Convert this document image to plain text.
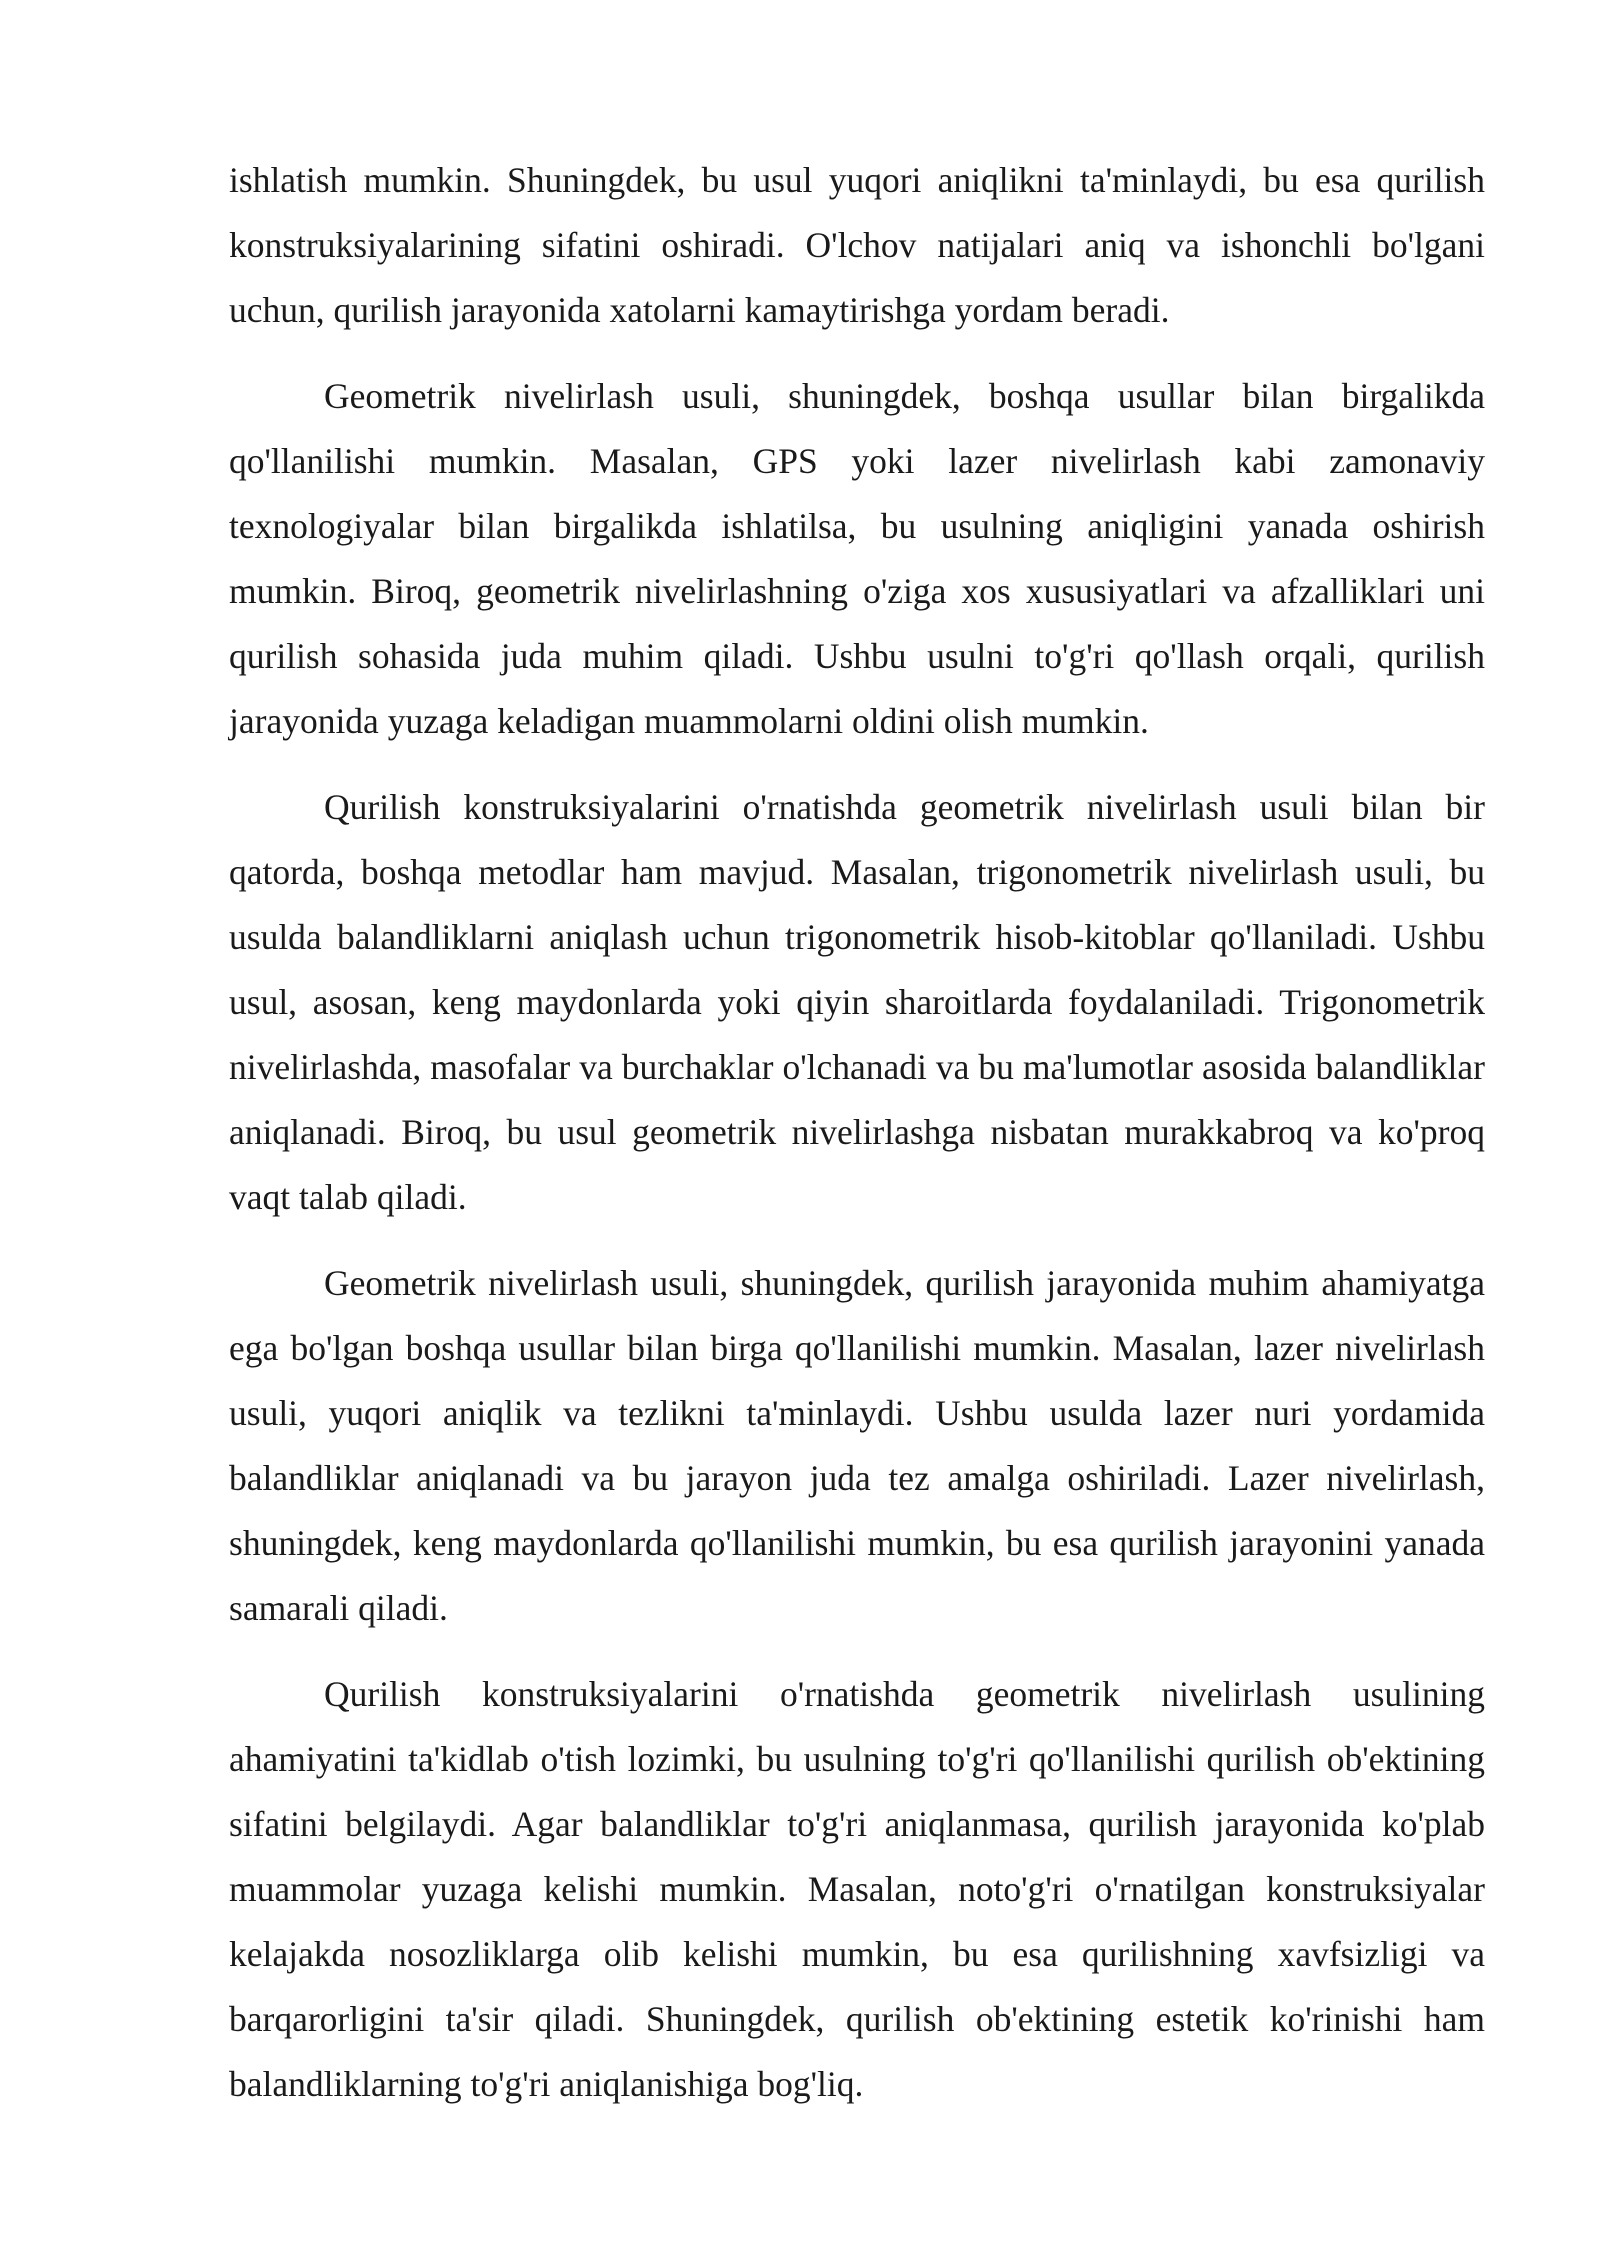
ishlatish mumkin. Shuningdek, bu usul yuqori aniqlikni ta'minlaydi, bu esa qurilish konstruksiyalarining sifatini oshiradi. O'lchov natijalari aniq va ishonchli bo'lgani uchun, qurilish jarayonida xatolarni kamaytirishga yordam beradi.

Geometrik nivelirlash usuli, shuningdek, boshqa usullar bilan birgalikda qo'llanilishi mumkin. Masalan, GPS yoki lazer nivelirlash kabi zamonaviy texnologiyalar bilan birgalikda ishlatilsa, bu usulning aniqligini yanada oshirish mumkin. Biroq, geometrik nivelirlashning o'ziga xos xususiyatlari va afzalliklari uni qurilish sohasida juda muhim qiladi. Ushbu usulni to'g'ri qo'llash orqali, qurilish jarayonida yuzaga keladigan muammolarni oldini olish mumkin.

Qurilish konstruksiyalarini o'rnatishda geometrik nivelirlash usuli bilan bir qatorda, boshqa metodlar ham mavjud. Masalan, trigonometrik nivelirlash usuli, bu usulda balandliklarni aniqlash uchun trigonometrik hisob-kitoblar qo'llaniladi. Ushbu usul, asosan, keng maydonlarda yoki qiyin sharoitlarda foydalaniladi. Trigonometrik nivelirlashda, masofalar va burchaklar o'lchanadi va bu ma'lumotlar asosida balandliklar aniqlanadi. Biroq, bu usul geometrik nivelirlashga nisbatan murakkabroq va ko'proq vaqt talab qiladi.

Geometrik nivelirlash usuli, shuningdek, qurilish jarayonida muhim ahamiyatga ega bo'lgan boshqa usullar bilan birga qo'llanilishi mumkin. Masalan, lazer nivelirlash usuli, yuqori aniqlik va tezlikni ta'minlaydi. Ushbu usulda lazer nuri yordamida balandliklar aniqlanadi va bu jarayon juda tez amalga oshiriladi. Lazer nivelirlash, shuningdek, keng maydonlarda qo'llanilishi mumkin, bu esa qurilish jarayonini yanada samarali qiladi.

Qurilish konstruksiyalarini o'rnatishda geometrik nivelirlash usulining ahamiyatini ta'kidlab o'tish lozimki, bu usulning to'g'ri qo'llanilishi qurilish ob'ektining sifatini belgilaydi. Agar balandliklar to'g'ri aniqlanmasa, qurilish jarayonida ko'plab muammolar yuzaga kelishi mumkin. Masalan, noto'g'ri o'rnatilgan konstruksiyalar kelajakda nosozliklarga olib kelishi mumkin, bu esa qurilishning xavfsizligi va barqarorligini ta'sir qiladi. Shuningdek, qurilish ob'ektining estetik ko'rinishi ham balandliklarning to'g'ri aniqlanishiga bog'liq.
